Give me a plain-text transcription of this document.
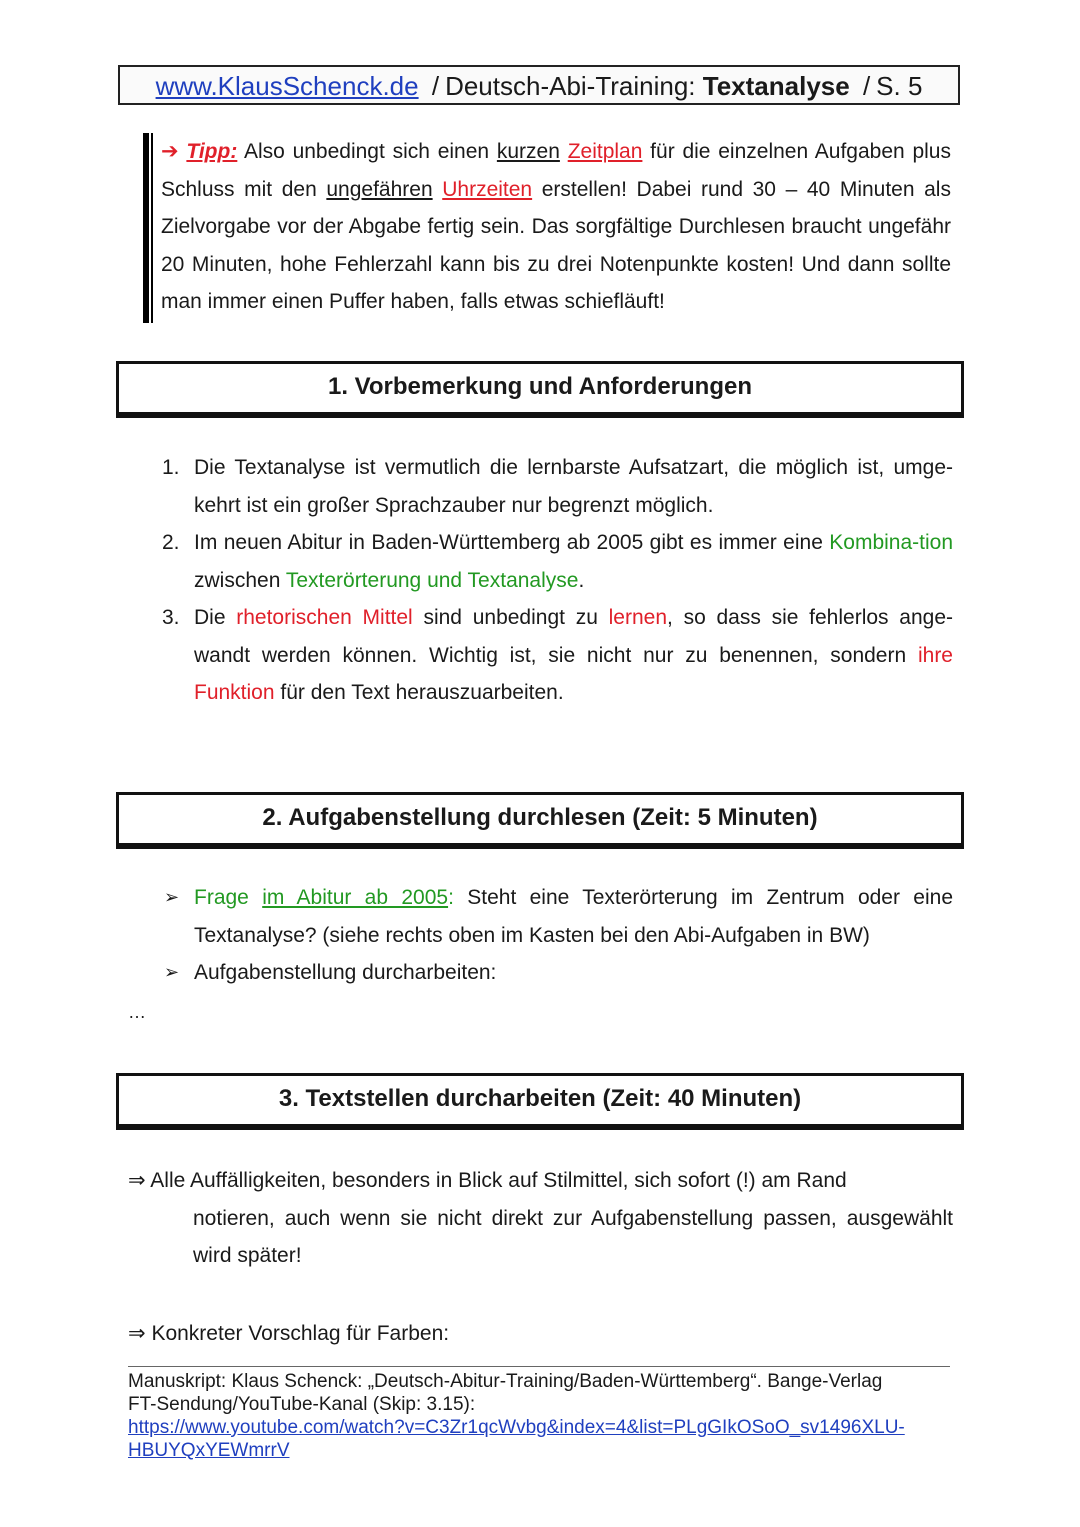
www.KlausSchenck.de / Deutsch-Abi-Training: Textanalyse / S. 5
➔ Tipp: Also unbedingt sich einen kurzen Zeitplan für die einzelnen Aufgaben plus Schluss mit den ungefähren Uhrzeiten erstellen! Dabei rund 30 – 40 Minuten als Zielvorgabe vor der Abgabe fertig sein. Das sorgfältige Durchlesen braucht ungefähr 20 Minuten, hohe Fehlerzahl kann bis zu drei Notenpunkte kosten! Und dann sollte man immer einen Puffer haben, falls etwas schiefläuft!
1. Vorbemerkung und Anforderungen
1. Die Textanalyse ist vermutlich die lernbarste Aufsatzart, die möglich ist, umge-kehrt ist ein großer Sprachzauber nur begrenzt möglich.
2. Im neuen Abitur in Baden-Württemberg ab 2005 gibt es immer eine Kombina-tion zwischen Texterörterung und Textanalyse.
3. Die rhetorischen Mittel sind unbedingt zu lernen, so dass sie fehlerlos ange-wandt werden können. Wichtig ist, sie nicht nur zu benennen, sondern ihre Funktion für den Text herauszuarbeiten.
2. Aufgabenstellung durchlesen (Zeit: 5 Minuten)
➢ Frage im Abitur ab 2005: Steht eine Texterörterung im Zentrum oder eine Textanalyse? (siehe rechts oben im Kasten bei den Abi-Aufgaben in BW)
➢ Aufgabenstellung durcharbeiten:
…
3. Textstellen durcharbeiten (Zeit: 40 Minuten)
⇒ Alle Auffälligkeiten, besonders in Blick auf Stilmittel, sich sofort (!) am Rand
notieren, auch wenn sie nicht direkt zur Aufgabenstellung passen, ausgewählt wird später!
⇒ Konkreter Vorschlag für Farben:
Manuskript: Klaus Schenck: „Deutsch-Abitur-Training/Baden-Württemberg“. Bange-Verlag
FT-Sendung/YouTube-Kanal (Skip: 3.15):
https://www.youtube.com/watch?v=C3Zr1qcWvbg&index=4&list=PLgGIkOSoO_sv1496XLU-
HBUYQxYEWmrrV
